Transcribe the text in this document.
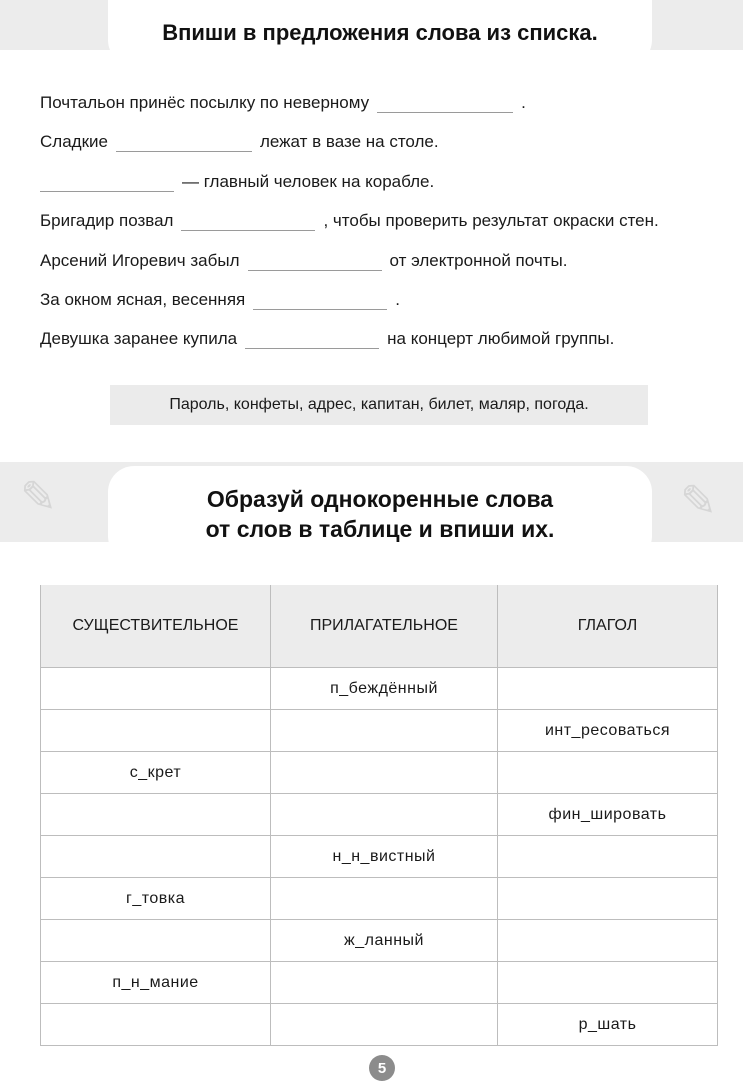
✎	✎
Впиши в предложения слова из списка.
Почтальон принёс посылку по неверному	.
Сладкие	лежат в вазе на столе.
— главный человек на корабле.
Бригадир позвал	, чтобы проверить результат окраски стен.
Арсений Игоревич забыл	от электронной почты.
За окном ясная, весенняя	.
Девушка заранее купила	на концерт любимой группы.
Пароль, конфеты, адрес, капитан, билет, маляр, погода.
Образуй однокоренные слова
от слов в таблице и впиши их.
СУЩЕСТВИТЕЛЬНОЕ	ПРИЛАГАТЕЛЬНОЕ	ГЛАГОЛ
	п_беждённый	
		инт_ресоваться
с_крет		
		фин_шировать
	н_н_вистный	
г_товка		
	ж_ланный	
п_н_мание		
		р_шать
5
